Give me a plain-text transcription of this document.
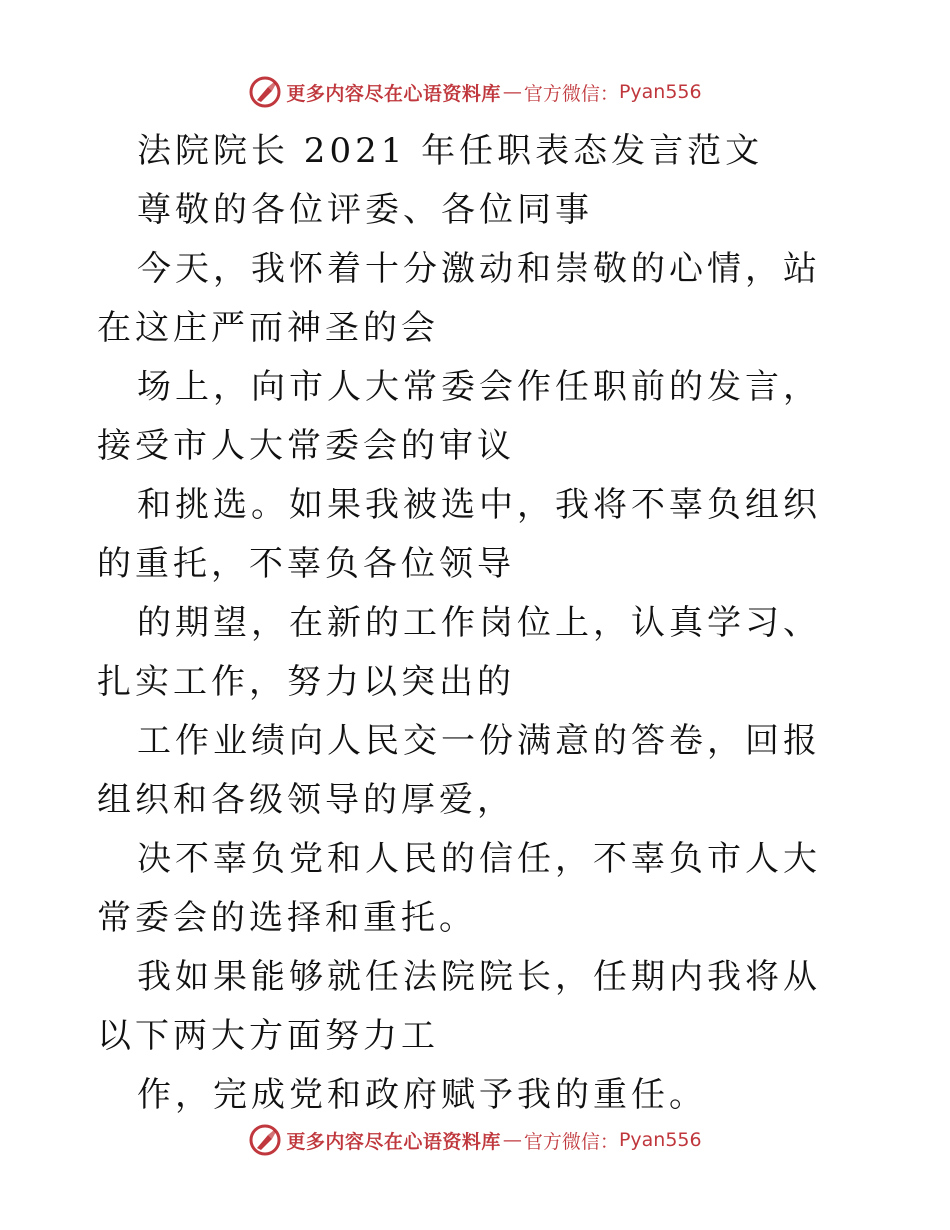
更多内容尽在心语资料库 — 官方微信： Pyan556

法院院长 2021 年任职表态发言范文

尊敬的各位评委、各位同事

今天，我怀着十分激动和崇敬的心情，站在这庄严而神圣的会

场上，向市人大常委会作任职前的发言，接受市人大常委会的审议

和挑选。如果我被选中，我将不辜负组织的重托，不辜负各位领导

的期望，在新的工作岗位上，认真学习、扎实工作，努力以突出的

工作业绩向人民交一份满意的答卷，回报组织和各级领导的厚爱，

决不辜负党和人民的信任，不辜负市人大常委会的选择和重托。

我如果能够就任法院院长，任期内我将从以下两大方面努力工

作，完成党和政府赋予我的重任。

更多内容尽在心语资料库 — 官方微信： Pyan556
